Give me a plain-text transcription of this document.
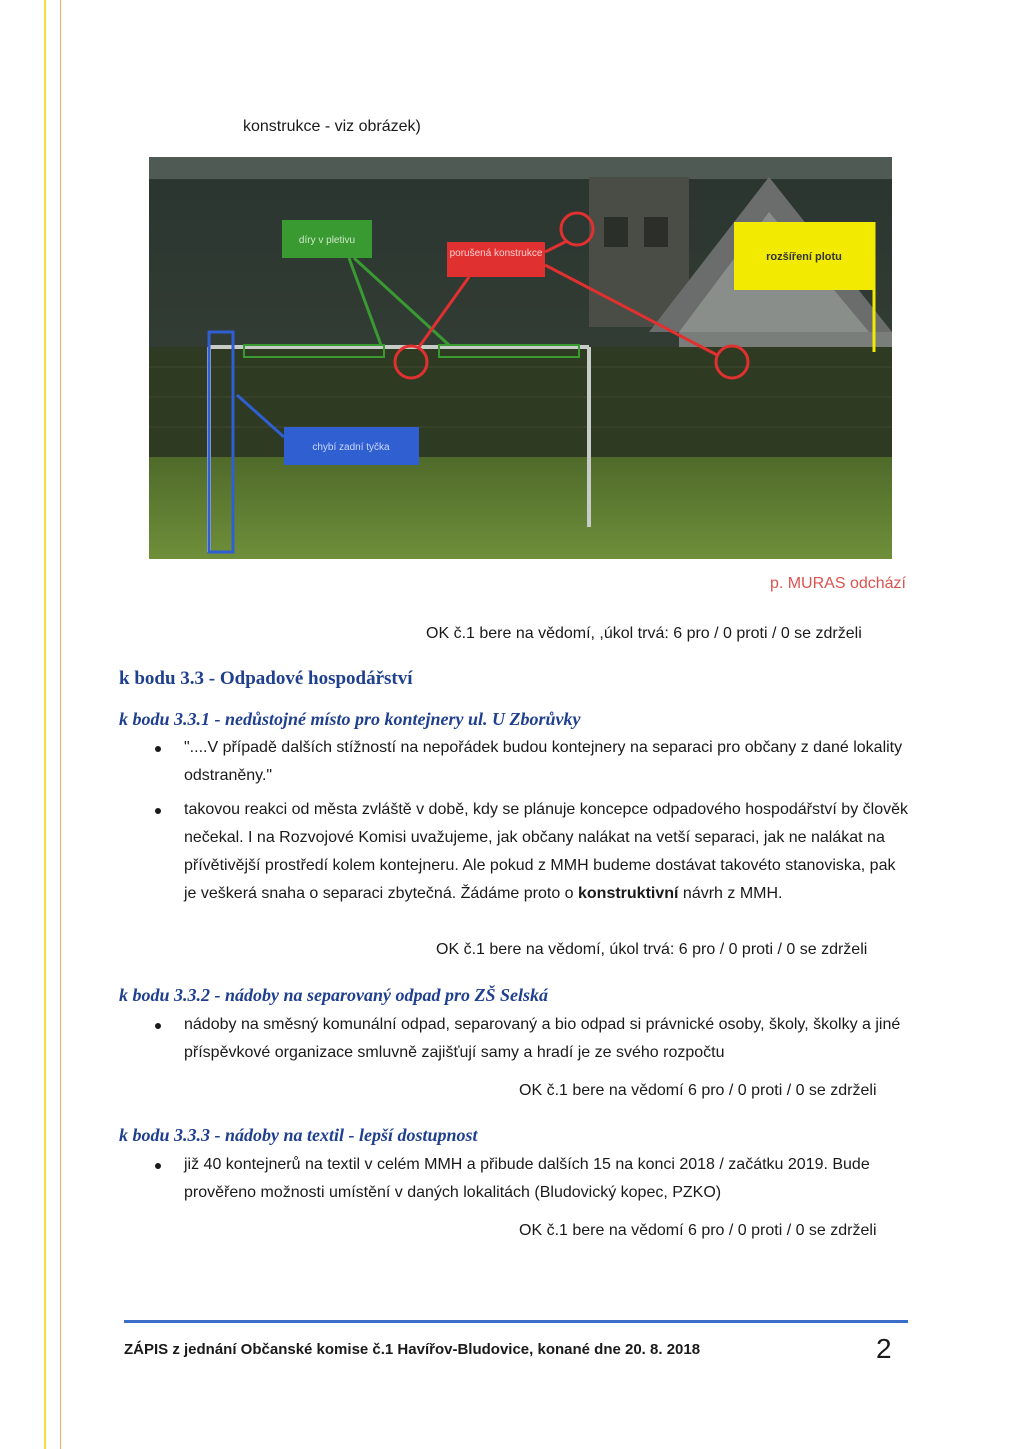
konstrukce - viz obrázek)
díry v pletivu
porušená konstrukce	rozšíření plotu
chybí zadní tyčka
p. MURAS odchází
OK č.1 bere na vědomí, ,úkol trvá: 6 pro / 0 proti / 0 se zdrželi
k bodu 3.3 - Odpadové hospodářství
k bodu 3.3.1 - nedůstojné místo pro kontejnery ul. U Zborůvky
"....V případě dalších stížností na nepořádek budou kontejnery na separaci pro občany z dané lokality odstraněny."
takovou reakci od města zvláště v době, kdy se plánuje koncepce odpadového hospodářství by člověk nečekal. I na Rozvojové Komisi uvažujeme, jak občany nalákat na vetší separaci, jak ne nalákat na přívětivější prostředí kolem kontejneru. Ale pokud z MMH budeme dostávat takovéto stanoviska, pak je veškerá snaha o separaci zbytečná. Žádáme proto o konstruktivní návrh z MMH.
OK č.1 bere na vědomí, úkol trvá: 6 pro / 0 proti / 0 se zdrželi
k bodu 3.3.2 - nádoby na separovaný odpad pro ZŠ Selská
nádoby na směsný komunální odpad, separovaný a bio odpad si právnické osoby, školy, školky a jiné příspěvkové organizace smluvně zajišťují samy a hradí je ze svého rozpočtu
OK č.1 bere na vědomí 6 pro / 0 proti / 0 se zdrželi
k bodu 3.3.3 - nádoby na textil - lepší dostupnost
již 40 kontejnerů na textil v celém MMH a přibude dalších 15 na konci 2018 / začátku 2019. Bude prověřeno možnosti umístění v daných lokalitách (Bludovický kopec, PZKO)
OK č.1 bere na vědomí 6 pro / 0 proti / 0 se zdrželi
ZÁPIS z jednání Občanské komise č.1 Havířov-Bludovice, konané dne 20. 8. 2018	2
